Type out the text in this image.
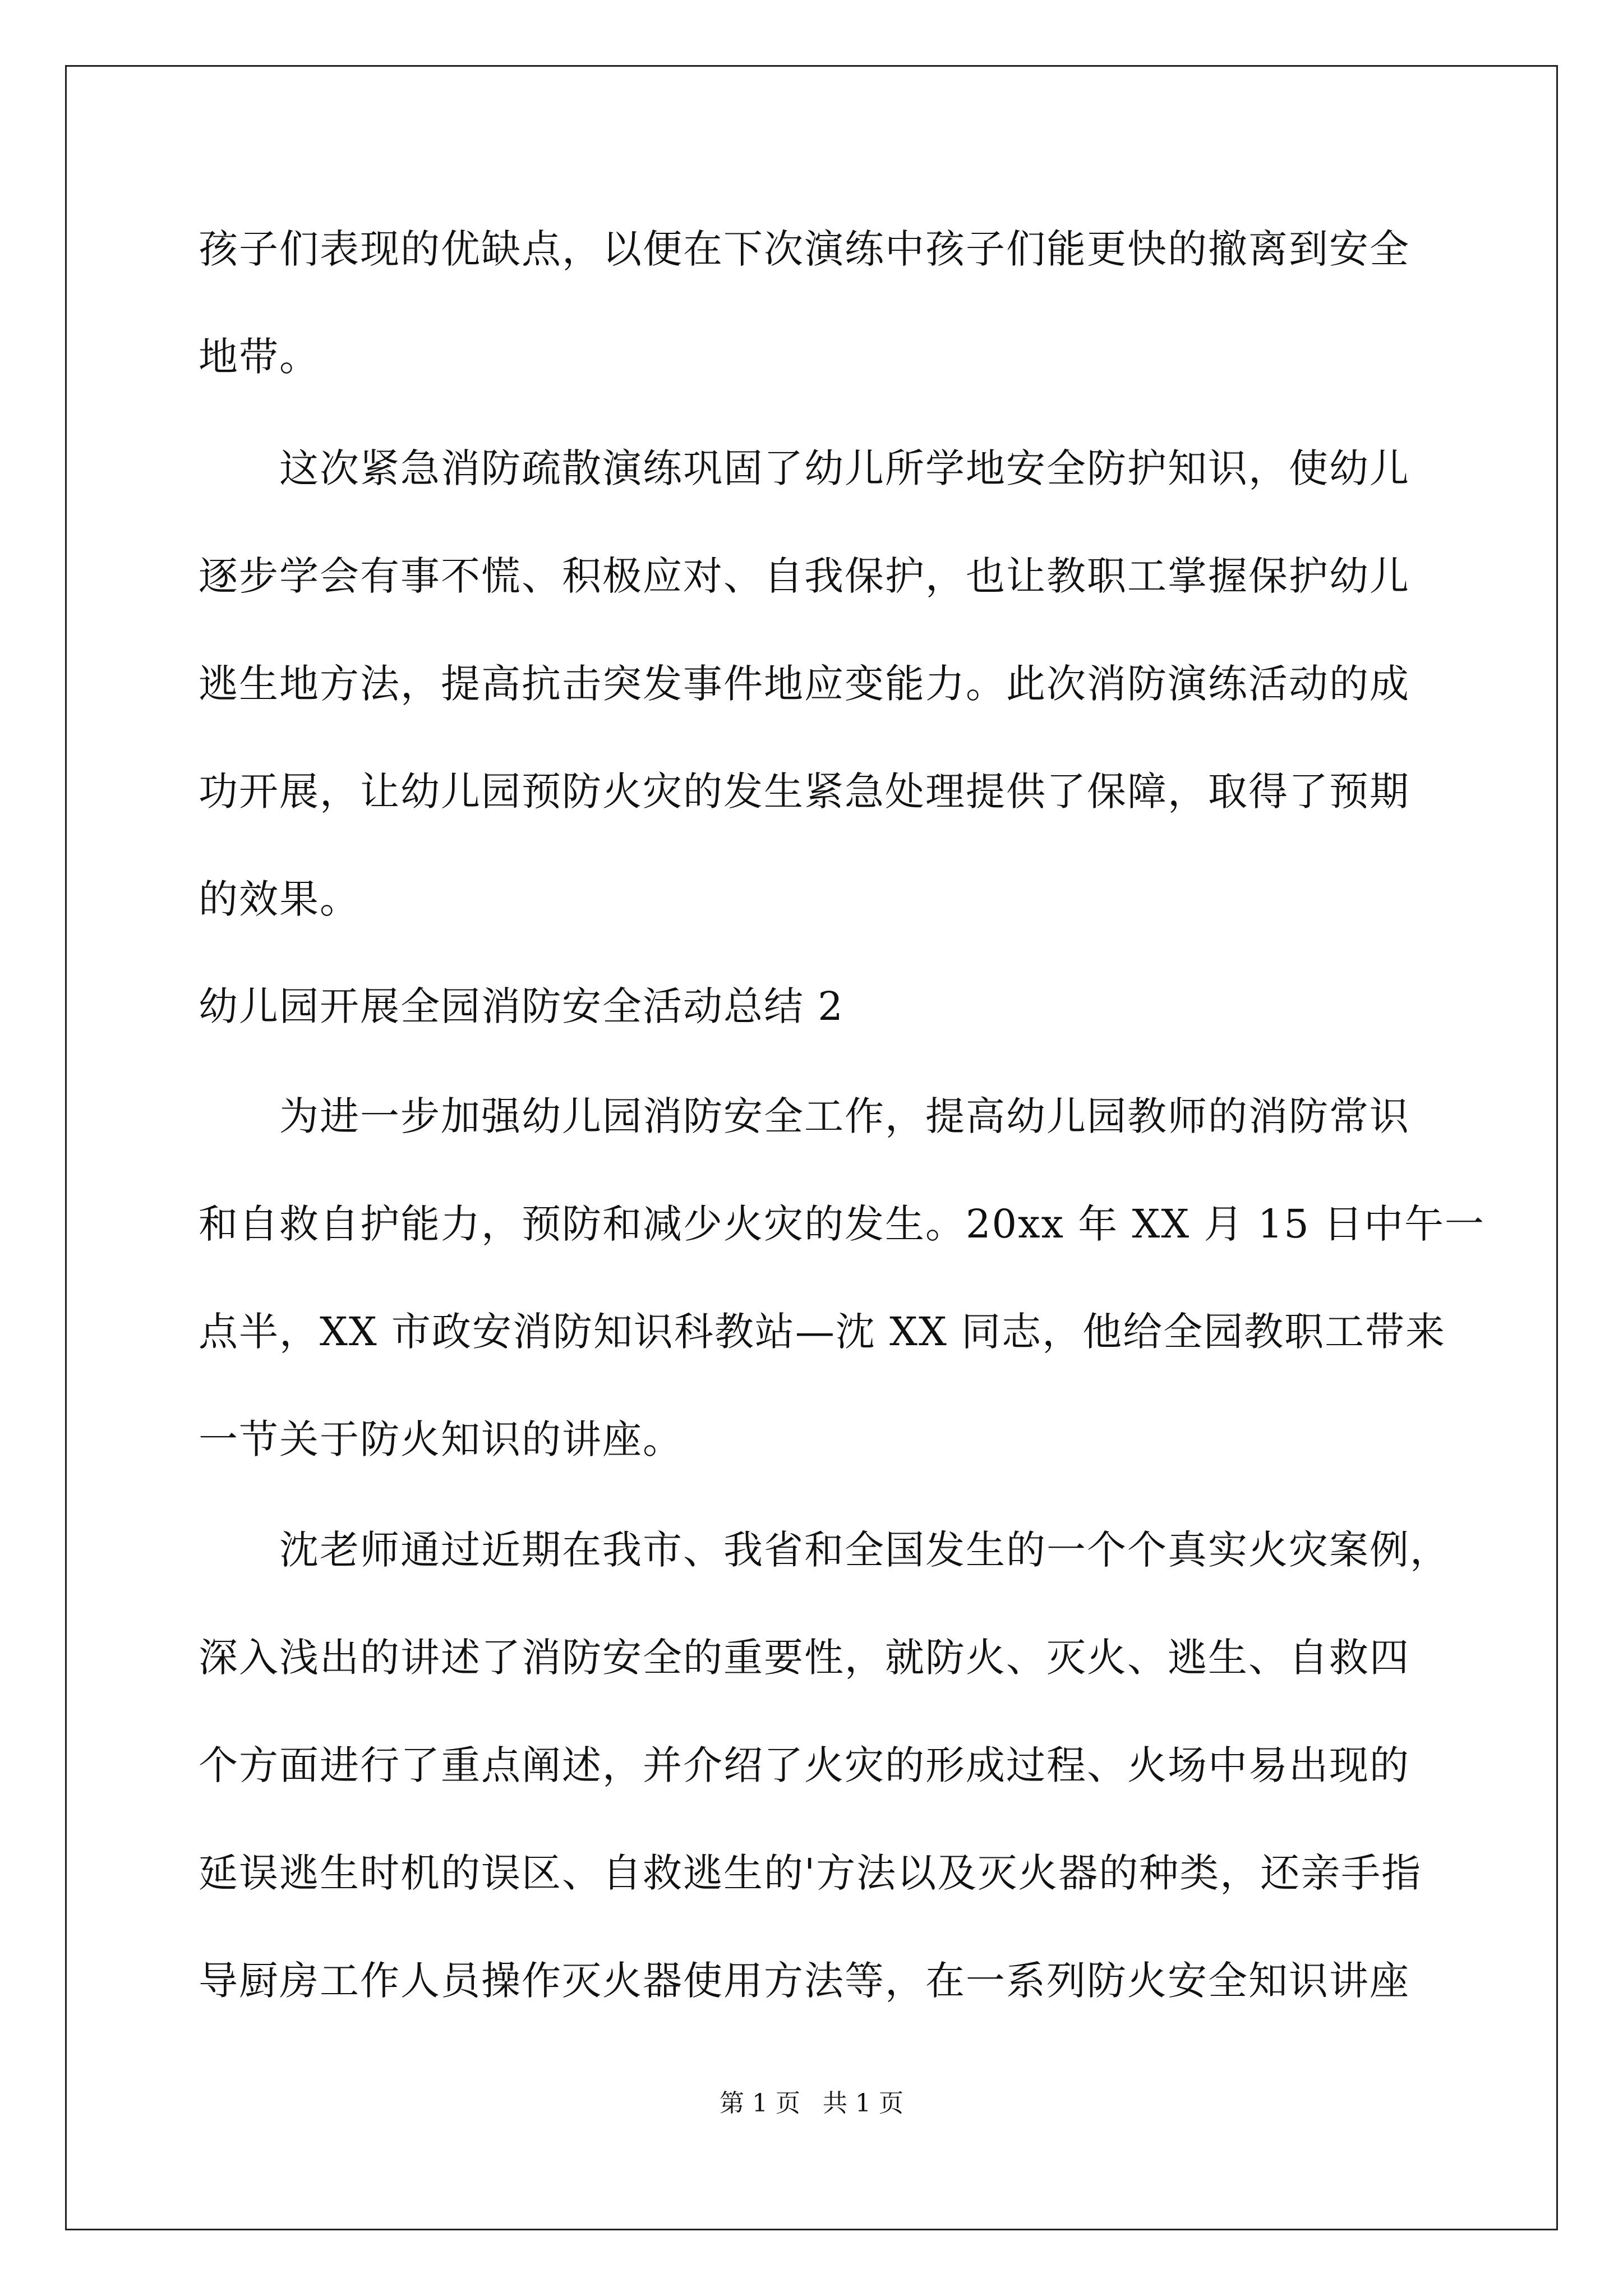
孩子们表现的优缺点，以便在下次演练中孩子们能更快的撤离到安全
地带。
这次紧急消防疏散演练巩固了幼儿所学地安全防护知识，使幼儿
逐步学会有事不慌、积极应对、自我保护，也让教职工掌握保护幼儿
逃生地方法，提高抗击突发事件地应变能力。此次消防演练活动的成
功开展，让幼儿园预防火灾的发生紧急处理提供了保障，取得了预期
的效果。
幼儿园开展全园消防安全活动总结 2
为进一步加强幼儿园消防安全工作，提高幼儿园教师的消防常识
和自救自护能力，预防和减少火灾的发生。20xx 年 XX 月 15 日中午一
点半，XX 市政安消防知识科教站—沈 XX 同志，他给全园教职工带来
一节关于防火知识的讲座。
沈老师通过近期在我市、我省和全国发生的一个个真实火灾案例，
深入浅出的讲述了消防安全的重要性，就防火、灭火、逃生、自救四
个方面进行了重点阐述，并介绍了火灾的形成过程、火场中易出现的
延误逃生时机的误区、自救逃生的'方法以及灭火器的种类，还亲手指
导厨房工作人员操作灭火器使用方法等，在一系列防火安全知识讲座
第 1 页 共 1 页
